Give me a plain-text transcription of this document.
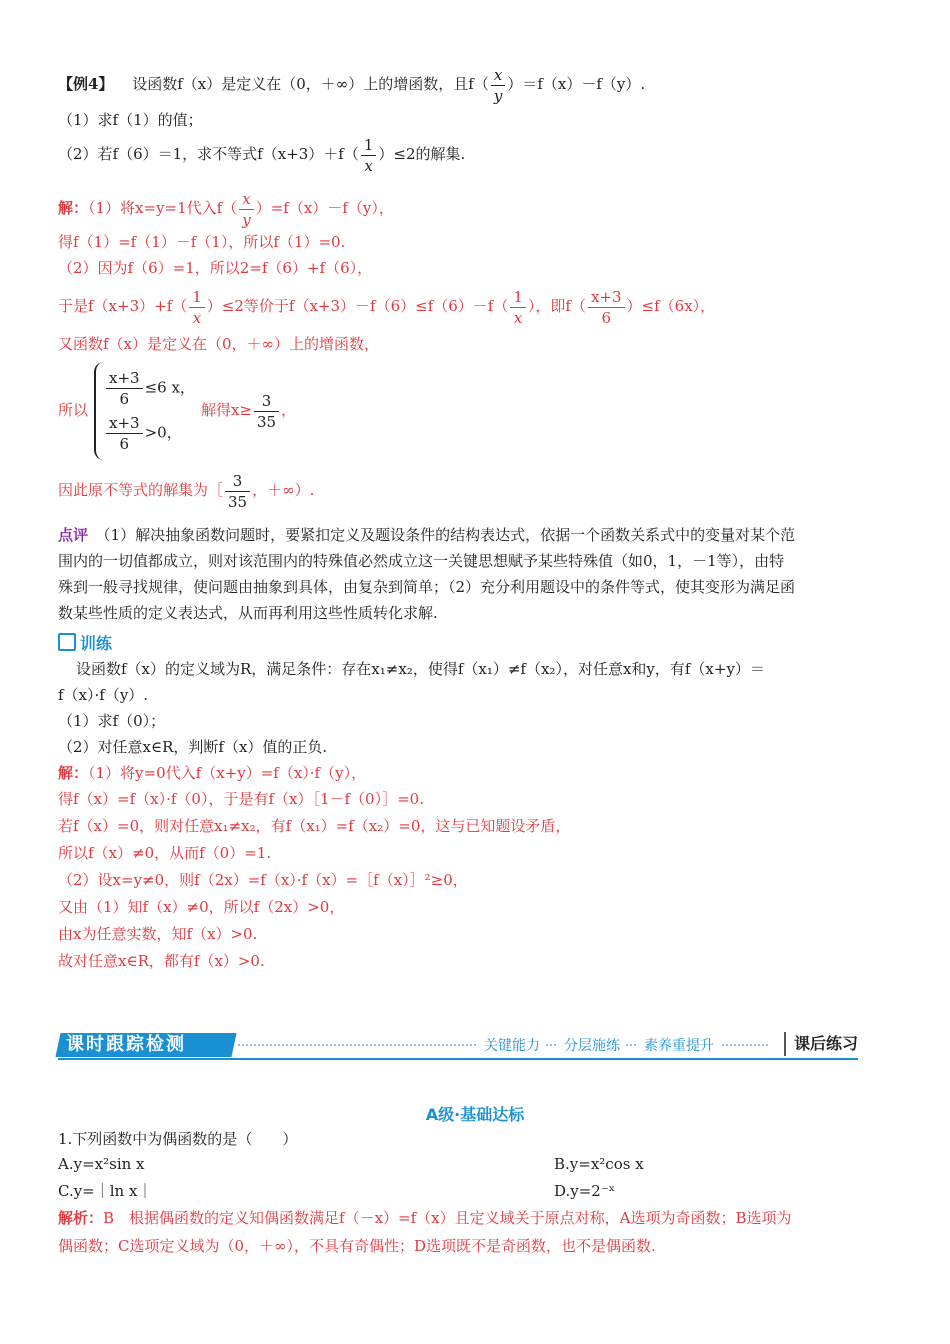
【例4】 设函数f（x）是定义在（0，＋∞）上的增函数，且$f( \frac{x}{y} )=f(x)-f(y)$.
（1）求f（1）的值；
（2）若f（6）＝1，求不等式$f(x+3)+f( \frac{1}{x} )\le 2$的解集.
解：（1）将x=y=1代入$f( \frac{x}{y} )=f(x)-f(y)$，
得f（1）=f（1）－f（1），所以f（1）=0.
（2）因为f（6）=1，所以2=f（6）+f（6），
于是$f(x+3)+f( \frac{1}{x} )\le 2$等价于$f(x+3)-f(6)\le f(6)-f( \frac{1}{x}$ ），即$f( \frac{x+3}{6} )\le f(6x)$，
又函数f（x）是定义在（0，＋∞）上的增函数，
所以
$\frac{x+3}{6} \le 6$ x，
$\frac{x+3}{6} >0$，
解得$x\ge \frac{3}{35}$ ，
因此原不等式的解集为［ $\frac{3}{35}$ ，＋∞）.
点评　 （1）解决抽象函数问题时，要紧扣定义及题设条件的结构表达式，依据一个函数关系式中的变量对某个范
围内的一切值都成立，则对该范围内的特殊值必然成立这一关键思想赋予某些特殊值（如0，1，－1等），由特
殊到一般寻找规律，使问题由抽象到具体，由复杂到简单；（2）充分利用题设中的条件等式，使其变形为满足函
数某些性质的定义表达式，从而再利用这些性质转化求解.
训练
设函数f（x）的定义域为R，满足条件：存在x₁≠x₂，使得f（x₁）≠f（x₂），对任意x和y，有f（x+y）＝
f（x）·f（y）.
（1）求f（0）；
（2）对任意x∈R，判断f（x）值的正负.
解：（1）将y=0代入f（x+y）=f（x）·f（y），
得f（x）=f（x）·f（0），于是有f（x）［1－f（0）］=0.
若f（x）=0，则对任意x₁≠x₂，有f（x₁）=f（x₂）=0，这与已知题设矛盾，
所以f（x）≠0，从而f（0）=1.
（2）设x=y≠0，则f（2x）=f（x）·f（x）=［f（x）］²≥0，
又由（1）知f（x）≠0，所以f（2x）>0，
由x为任意实数，知f（x）>0.
故对任意x∈R，都有f（x）>0.
课时跟踪检测	关键能力	分层施练	素养重提升	课后练习
A级·基础达标
1.下列函数中为偶函数的是（　　）
A.y=x²sin x	B.y=x²cos x
C.y=｜ln x｜	D.y=2⁻ˣ
解析：B　根据偶函数的定义知偶函数满足f（－x）=f（x）且定义域关于原点对称，A选项为奇函数；B选项为
偶函数；C选项定义域为（0，＋∞），不具有奇偶性；D选项既不是奇函数，也不是偶函数.
